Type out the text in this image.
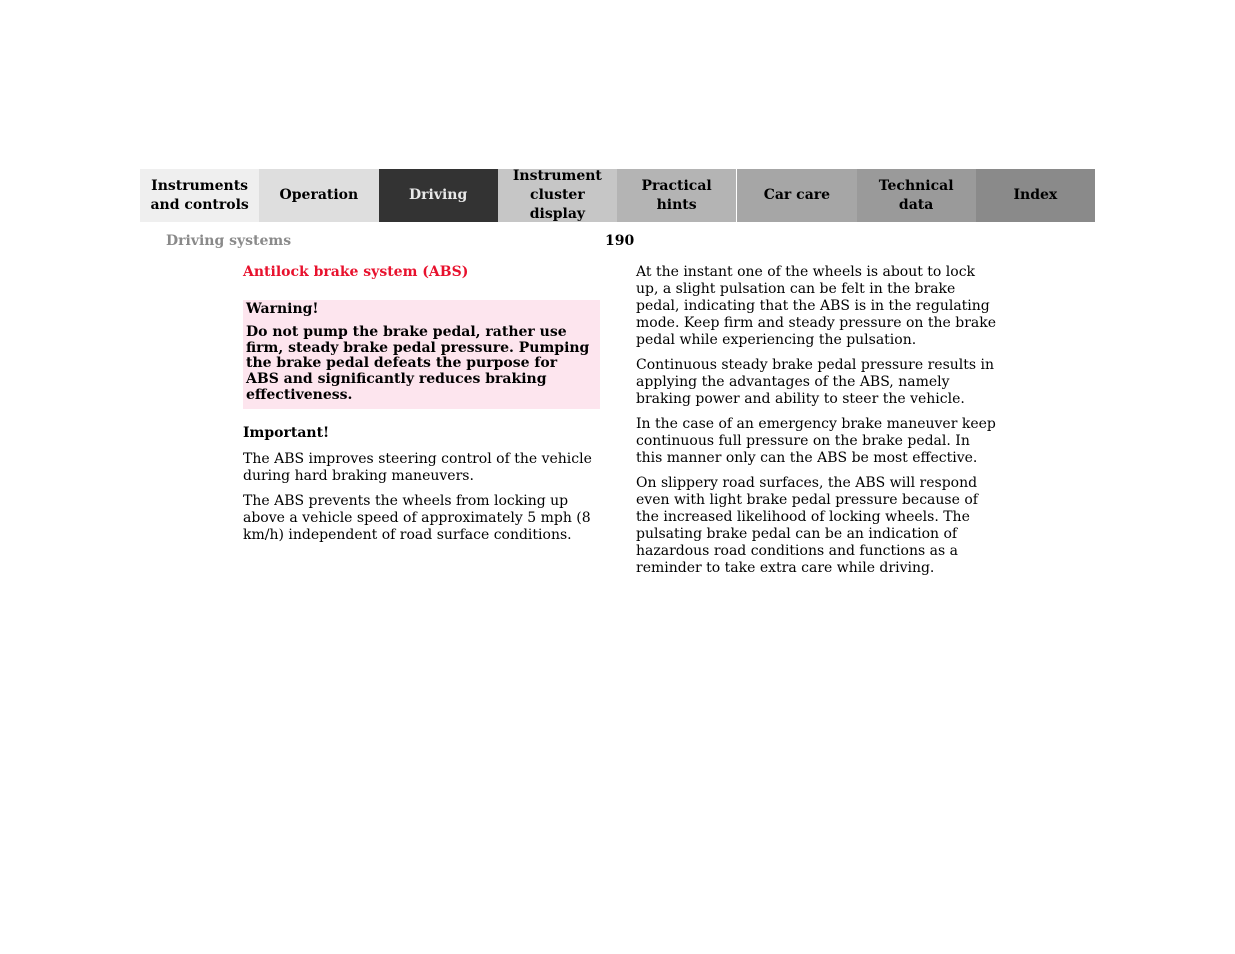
Instruments
and controls
Operation	Driving
Instrument
cluster display
Practical hints
Car care
Technical
data
Index
Driving systems	190
Antilock brake system (ABS)
Warning!
Do not pump the brake pedal, rather use firm, steady brake pedal pressure. Pumping the brake pedal defeats the purpose for ABS and significantly reduces braking effectiveness.
Important!

The ABS improves steering control of the vehicle during hard braking maneuvers.

The ABS prevents the wheels from locking up above a vehicle speed of approximately 5 mph (8 km/h) independent of road surface conditions.

At the instant one of the wheels is about to lock up, a slight pulsation can be felt in the brake pedal, indicating that the ABS is in the regulating mode. Keep firm and steady pressure on the brake pedal while experiencing the pulsation.

Continuous steady brake pedal pressure results in applying the advantages of the ABS, namely braking power and ability to steer the vehicle.

In the case of an emergency brake maneuver keep continuous full pressure on the brake pedal. In this manner only can the ABS be most effective.

On slippery road surfaces, the ABS will respond even with light brake pedal pressure because of the increased likelihood of locking wheels. The pulsating brake pedal can be an indication of hazardous road conditions and functions as a reminder to take extra care while driving.
